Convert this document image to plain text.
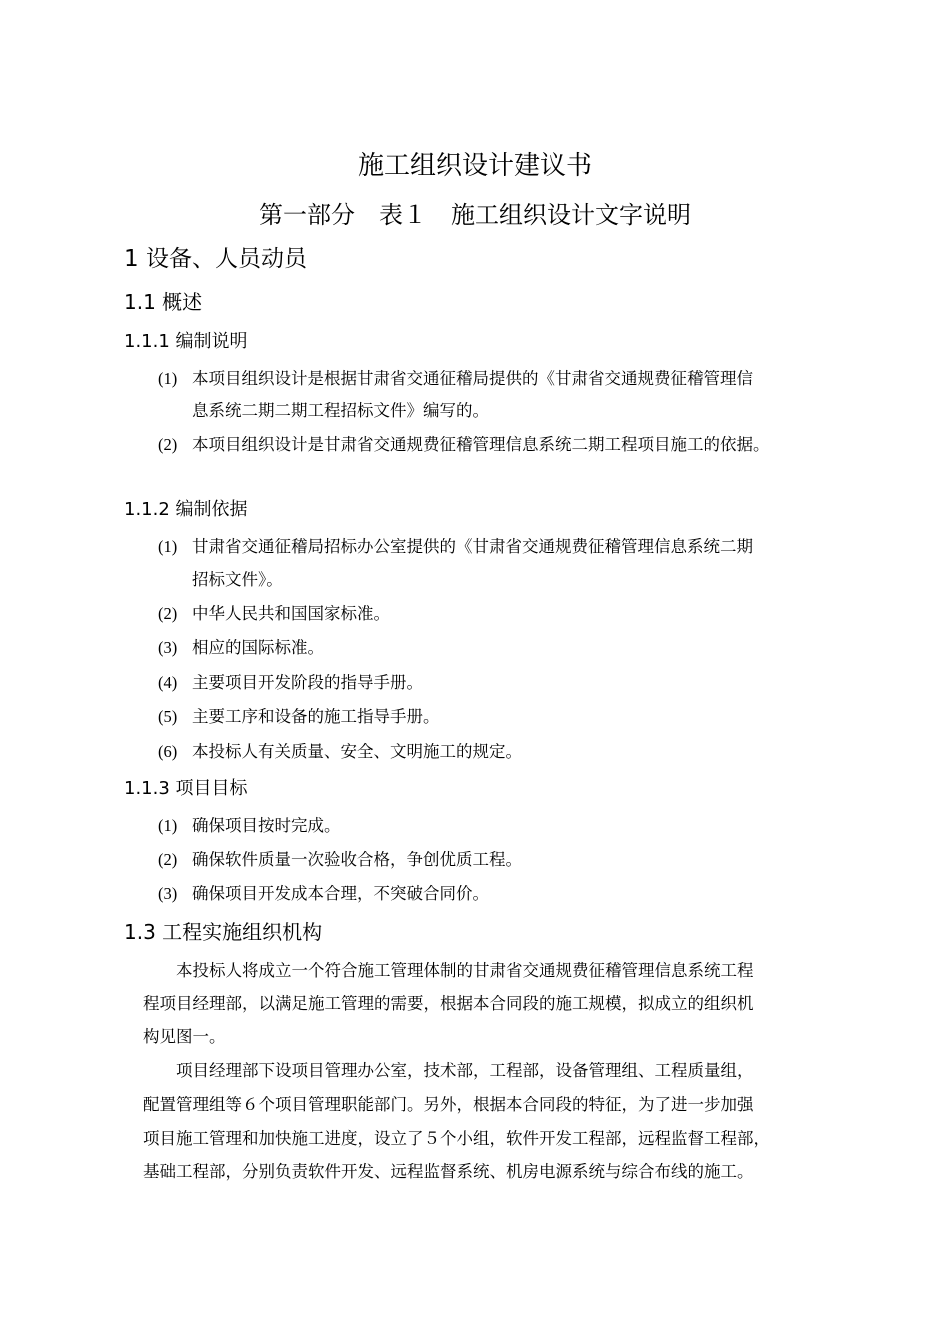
施工组织设计建议书
第一部分　表１　施工组织设计文字说明
1 设备、人员动员
1.1 概述
1.1.1 编制说明
(1) 本项目组织设计是根据甘肃省交通征稽局提供的《甘肃省交通规费征稽管理信
息系统二期二期工程招标文件》编写的。
(2) 本项目组织设计是甘肃省交通规费征稽管理信息系统二期工程项目施工的依据。
1.1.2 编制依据
(1) 甘肃省交通征稽局招标办公室提供的《甘肃省交通规费征稽管理信息系统二期
招标文件》。
(2) 中华人民共和国国家标准。
(3) 相应的国际标准。
(4) 主要项目开发阶段的指导手册。
(5) 主要工序和设备的施工指导手册。
(6) 本投标人有关质量、安全、文明施工的规定。
1.1.3 项目目标
(1) 确保项目按时完成。
(2) 确保软件质量一次验收合格，争创优质工程。
(3) 确保项目开发成本合理，不突破合同价。
1.3 工程实施组织机构
　　本投标人将成立一个符合施工管理体制的甘肃省交通规费征稽管理信息系统工程
程项目经理部，以满足施工管理的需要，根据本合同段的施工规模，拟成立的组织机
构见图一。
　　项目经理部下设项目管理办公室，技术部，工程部，设备管理组、工程质量组，
配置管理组等６个项目管理职能部门。另外，根据本合同段的特征，为了进一步加强
项目施工管理和加快施工进度，设立了５个小组，软件开发工程部，远程监督工程部，
基础工程部，分别负责软件开发、远程监督系统、机房电源系统与综合布线的施工。
